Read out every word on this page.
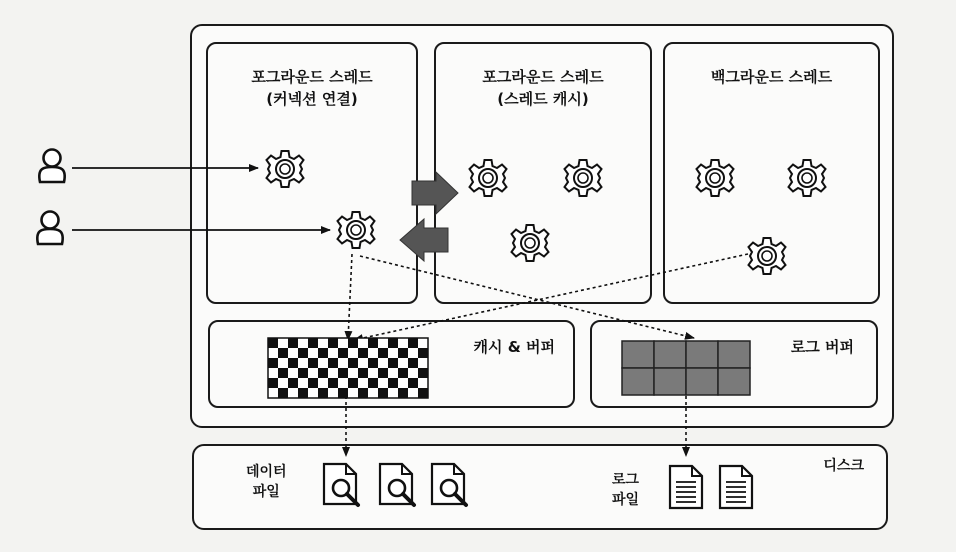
포그라운드 스레드
(커넥션 연결)
포그라운드 스레드
(스레드 캐시)
백그라운드 스레드
캐시 & 버퍼	로그 버퍼
디스크
데이터
파일
로그
파일
